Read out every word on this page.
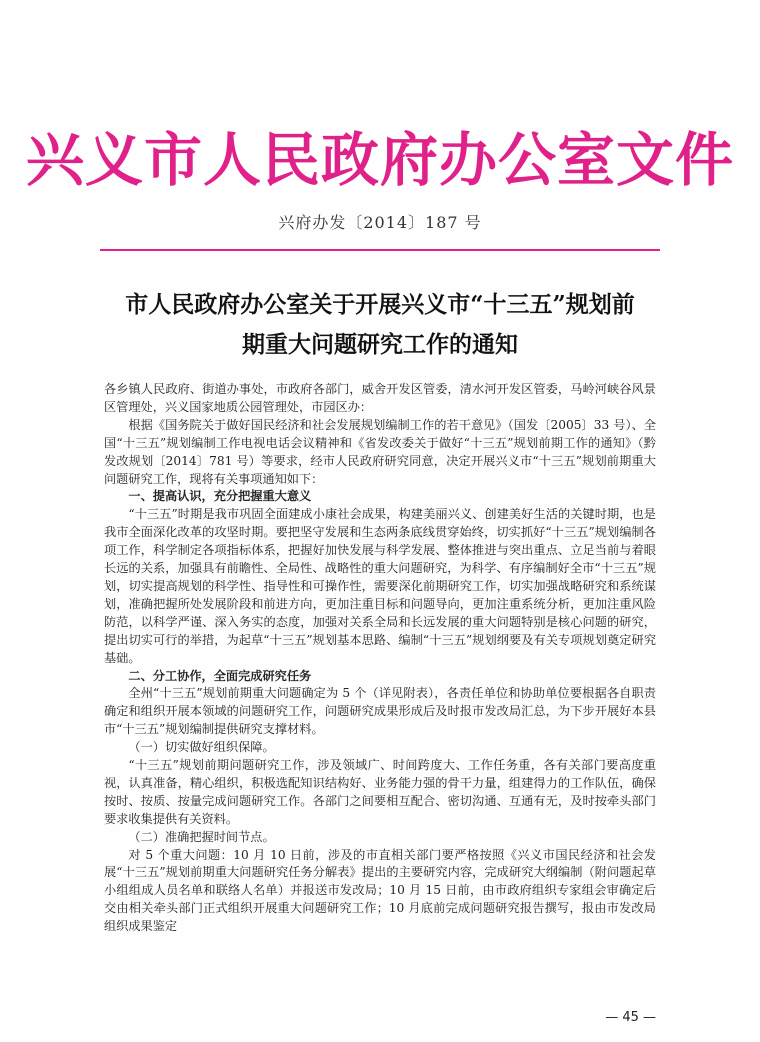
兴义市人民政府办公室文件
兴府办发〔2014〕187 号
市人民政府办公室关于开展兴义市“十三五”规划前
期重大问题研究工作的通知

各乡镇人民政府、街道办事处，市政府各部门，威舍开发区管委，清水河开发区管委，马岭河峡谷风景区管理处，兴义国家地质公园管理处，市园区办：

根据《国务院关于做好国民经济和社会发展规划编制工作的若干意见》（国发〔2005〕33 号）、全国“十三五”规划编制工作电视电话会议精神和《省发改委关于做好“十三五”规划前期工作的通知》（黔发改规划〔2014〕781 号）等要求，经市人民政府研究同意，决定开展兴义市“十三五”规划前期重大问题研究工作，现将有关事项通知如下：

一、提高认识，充分把握重大意义

“十三五”时期是我市巩固全面建成小康社会成果，构建美丽兴义、创建美好生活的关键时期，也是我市全面深化改革的攻坚时期。要把坚守发展和生态两条底线贯穿始终，切实抓好“十三五”规划编制各项工作，科学制定各项指标体系，把握好加快发展与科学发展、整体推进与突出重点、立足当前与着眼长远的关系，加强具有前瞻性、全局性、战略性的重大问题研究，为科学、有序编制好全市“十三五”规划，切实提高规划的科学性、指导性和可操作性，需要深化前期研究工作，切实加强战略研究和系统谋划，准确把握所处发展阶段和前进方向，更加注重目标和问题导向，更加注重系统分析，更加注重风险防范，以科学严谨、深入务实的态度，加强对关系全局和长远发展的重大问题特别是核心问题的研究，提出切实可行的举措，为起草“十三五”规划基本思路、编制“十三五”规划纲要及有关专项规划奠定研究基础。

二、分工协作，全面完成研究任务

全州“十三五”规划前期重大问题确定为 5 个（详见附表），各责任单位和协助单位要根据各自职责确定和组织开展本领域的问题研究工作，问题研究成果形成后及时报市发改局汇总，为下步开展好本县市“十三五”规划编制提供研究支撑材料。

（一）切实做好组织保障。

“十三五”规划前期问题研究工作，涉及领域广、时间跨度大、工作任务重，各有关部门要高度重视，认真准备，精心组织，积极选配知识结构好、业务能力强的骨干力量，组建得力的工作队伍，确保按时、按质、按量完成问题研究工作。各部门之间要相互配合、密切沟通、互通有无，及时按牵头部门要求收集提供有关资料。

（二）准确把握时间节点。

对 5 个重大问题：10 月 10 日前，涉及的市直相关部门要严格按照《兴义市国民经济和社会发展“十三五”规划前期重大问题研究任务分解表》提出的主要研究内容，完成研究大纲编制（附问题起草小组组成人员名单和联络人名单）并报送市发改局；10 月 15 日前，由市政府组织专家组会审确定后交由相关牵头部门正式组织开展重大问题研究工作；10 月底前完成问题研究报告撰写，报由市发改局组织成果鉴定

— 45 —
